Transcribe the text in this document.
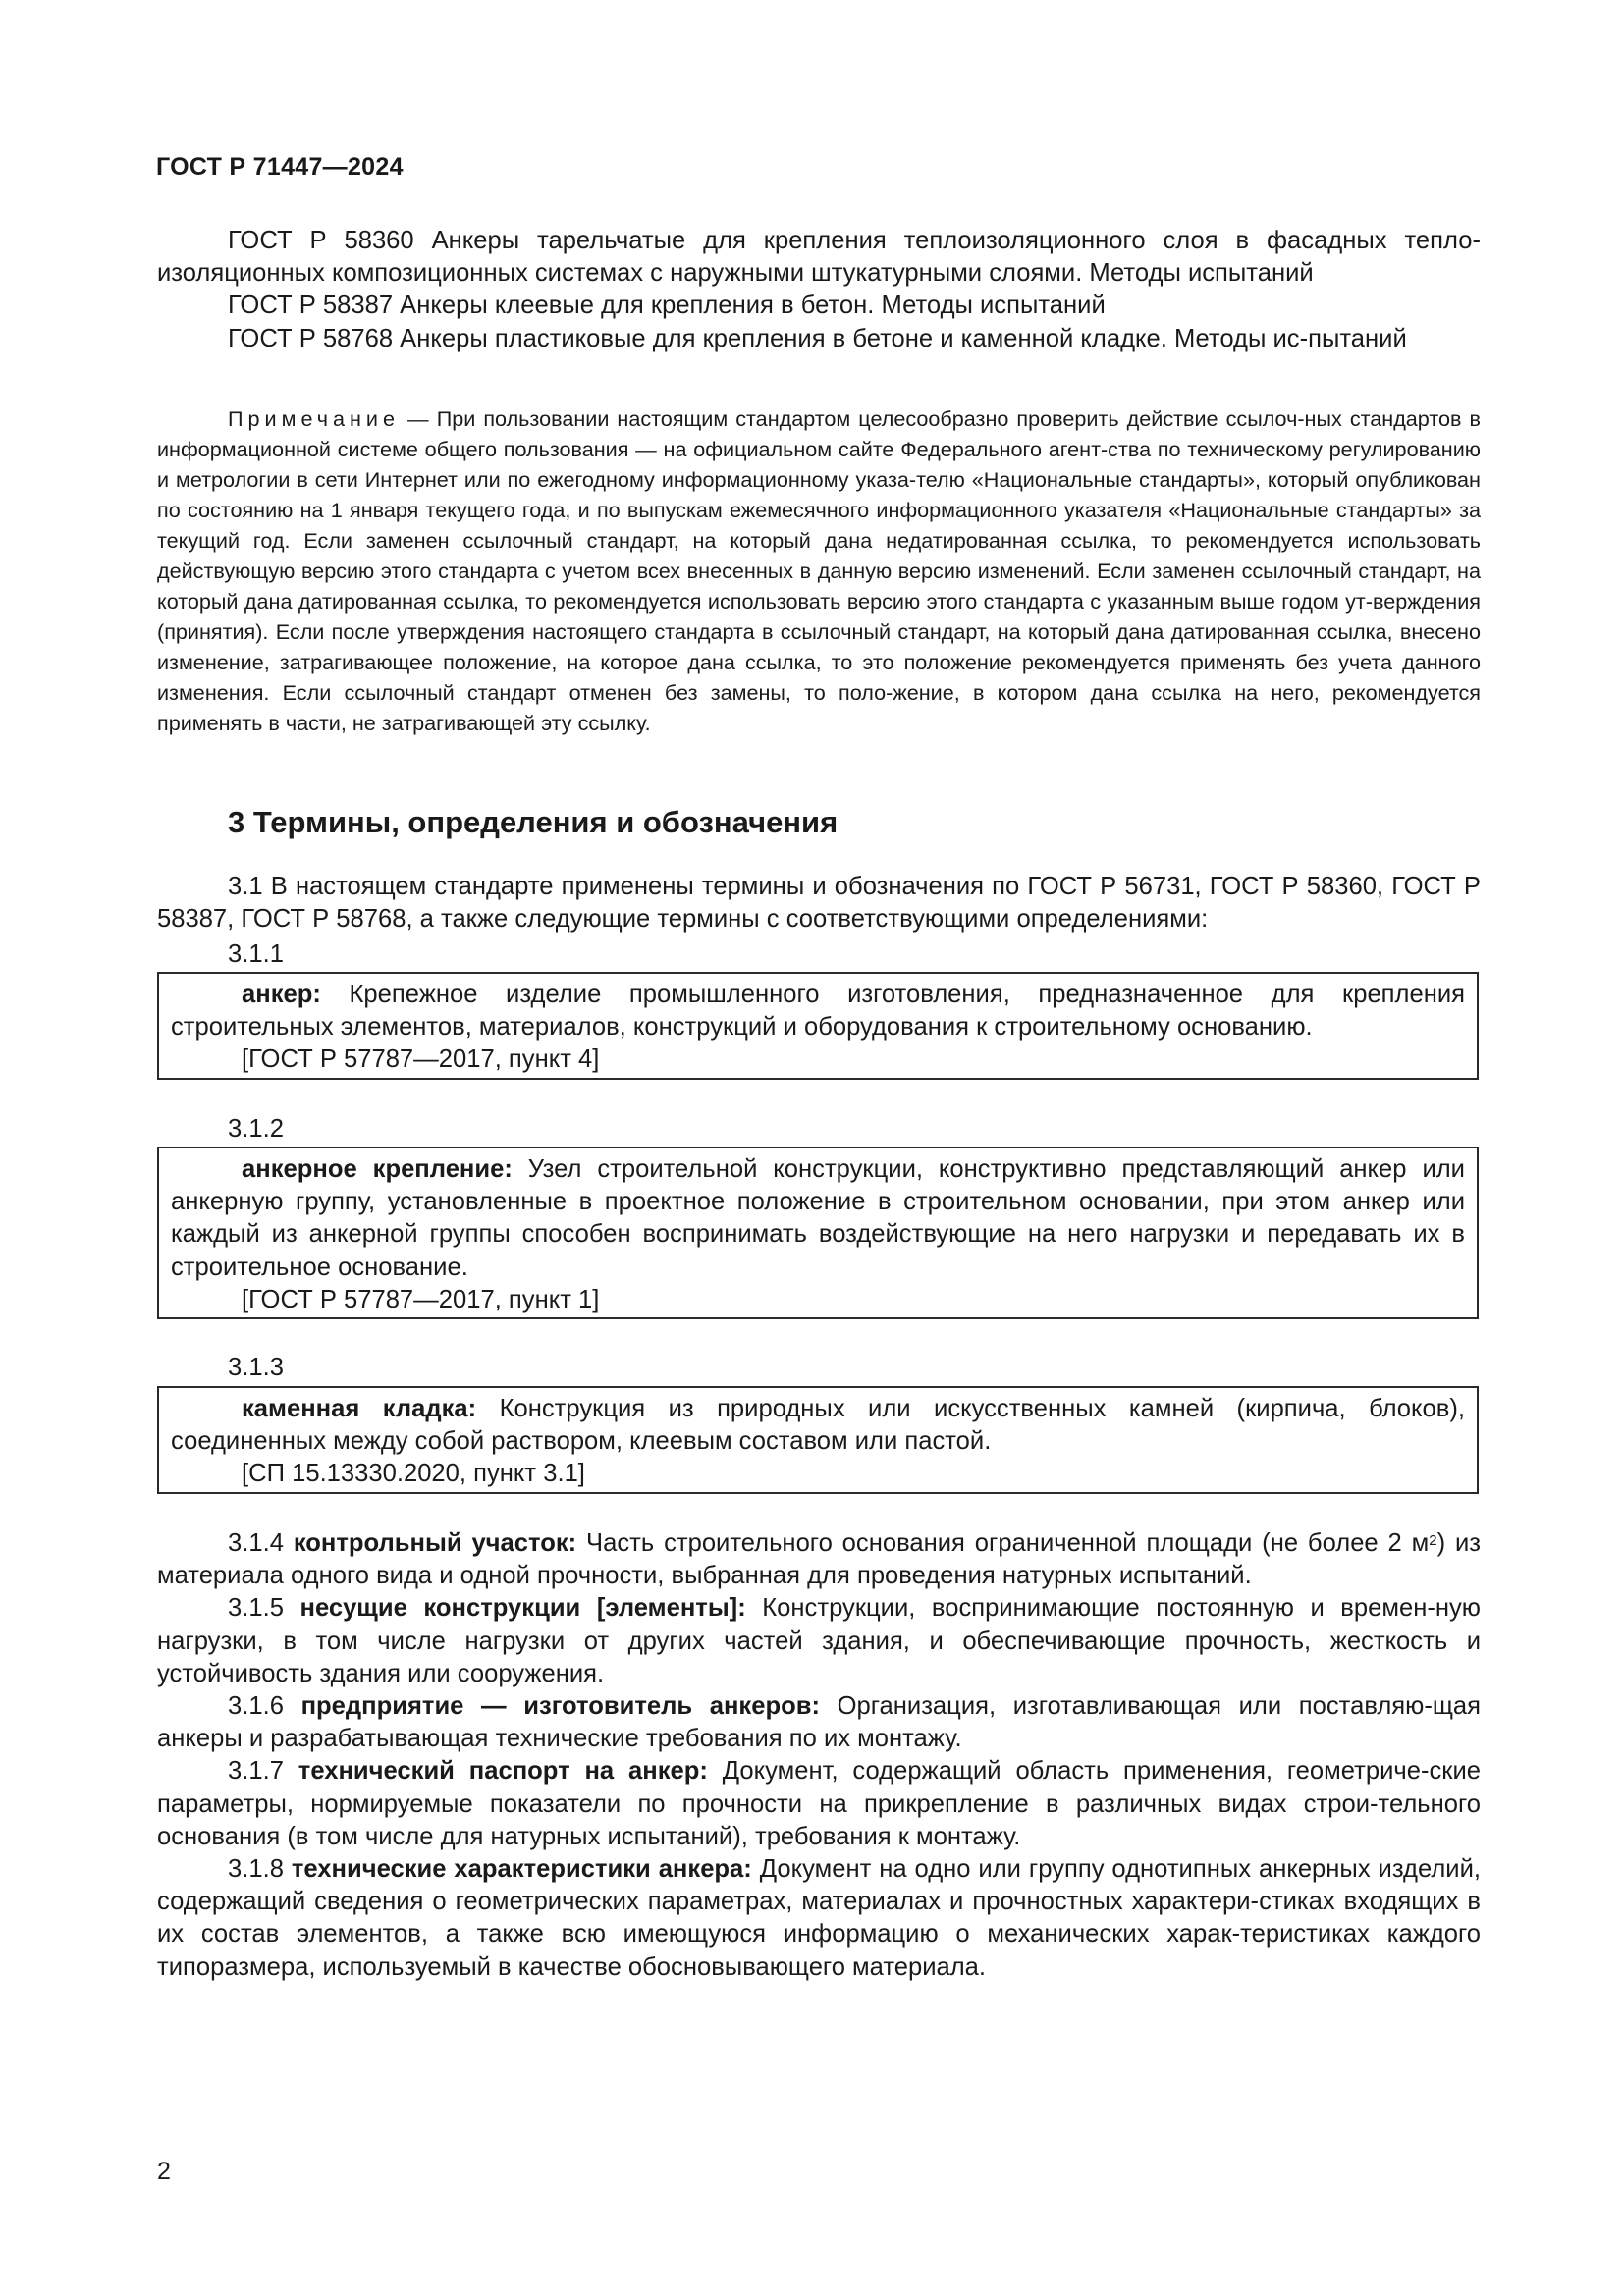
ГОСТ Р 71447—2024

ГОСТ Р 58360 Анкеры тарельчатые для крепления теплоизоляционного слоя в фасадных тепло-изоляционных композиционных системах с наружными штукатурными слоями. Методы испытаний

ГОСТ Р 58387 Анкеры клеевые для крепления в бетон. Методы испытаний

ГОСТ Р 58768 Анкеры пластиковые для крепления в бетоне и каменной кладке. Методы ис-пытаний

Примечание — При пользовании настоящим стандартом целесообразно проверить действие ссылоч-ных стандартов в информационной системе общего пользования — на официальном сайте Федерального агент-ства по техническому регулированию и метрологии в сети Интернет или по ежегодному информационному указа-телю «Национальные стандарты», который опубликован по состоянию на 1 января текущего года, и по выпускам ежемесячного информационного указателя «Национальные стандарты» за текущий год. Если заменен ссылочный стандарт, на который дана недатированная ссылка, то рекомендуется использовать действующую версию этого стандарта с учетом всех внесенных в данную версию изменений. Если заменен ссылочный стандарт, на который дана датированная ссылка, то рекомендуется использовать версию этого стандарта с указанным выше годом ут-верждения (принятия). Если после утверждения настоящего стандарта в ссылочный стандарт, на который дана датированная ссылка, внесено изменение, затрагивающее положение, на которое дана ссылка, то это положение рекомендуется применять без учета данного изменения. Если ссылочный стандарт отменен без замены, то поло-жение, в котором дана ссылка на него, рекомендуется применять в части, не затрагивающей эту ссылку.

3 Термины, определения и обозначения

3.1 В настоящем стандарте применены термины и обозначения по ГОСТ Р 56731, ГОСТ Р 58360, ГОСТ Р 58387, ГОСТ Р 58768, а также следующие термины с соответствующими определениями:

3.1.1

анкер: Крепежное изделие промышленного изготовления, предназначенное для крепления строительных элементов, материалов, конструкций и оборудования к строительному основанию.

[ГОСТ Р 57787—2017, пункт 4]

3.1.2

анкерное крепление: Узел строительной конструкции, конструктивно представляющий анкер или анкерную группу, установленные в проектное положение в строительном основании, при этом анкер или каждый из анкерной группы способен воспринимать воздействующие на него нагрузки и передавать их в строительное основание.

[ГОСТ Р 57787—2017, пункт 1]

3.1.3

каменная кладка: Конструкция из природных или искусственных камней (кирпича, блоков), соединенных между собой раствором, клеевым составом или пастой.

[СП 15.13330.2020, пункт 3.1]

3.1.4 контрольный участок: Часть строительного основания ограниченной площади (не более 2 $м^2$) из материала одного вида и одной прочности, выбранная для проведения натурных испытаний.

3.1.5 несущие конструкции [элементы]: Конструкции, воспринимающие постоянную и времен-ную нагрузки, в том числе нагрузки от других частей здания, и обеспечивающие прочность, жесткость и устойчивость здания или сооружения.

3.1.6 предприятие — изготовитель анкеров: Организация, изготавливающая или поставляю-щая анкеры и разрабатывающая технические требования по их монтажу.

3.1.7 технический паспорт на анкер: Документ, содержащий область применения, геометриче-ские параметры, нормируемые показатели по прочности на прикрепление в различных видах строи-тельного основания (в том числе для натурных испытаний), требования к монтажу.

3.1.8 технические характеристики анкера: Документ на одно или группу однотипных анкерных изделий, содержащий сведения о геометрических параметрах, материалах и прочностных характери-стиках входящих в их состав элементов, а также всю имеющуюся информацию о механических харак-теристиках каждого типоразмера, используемый в качестве обосновывающего материала.

2
